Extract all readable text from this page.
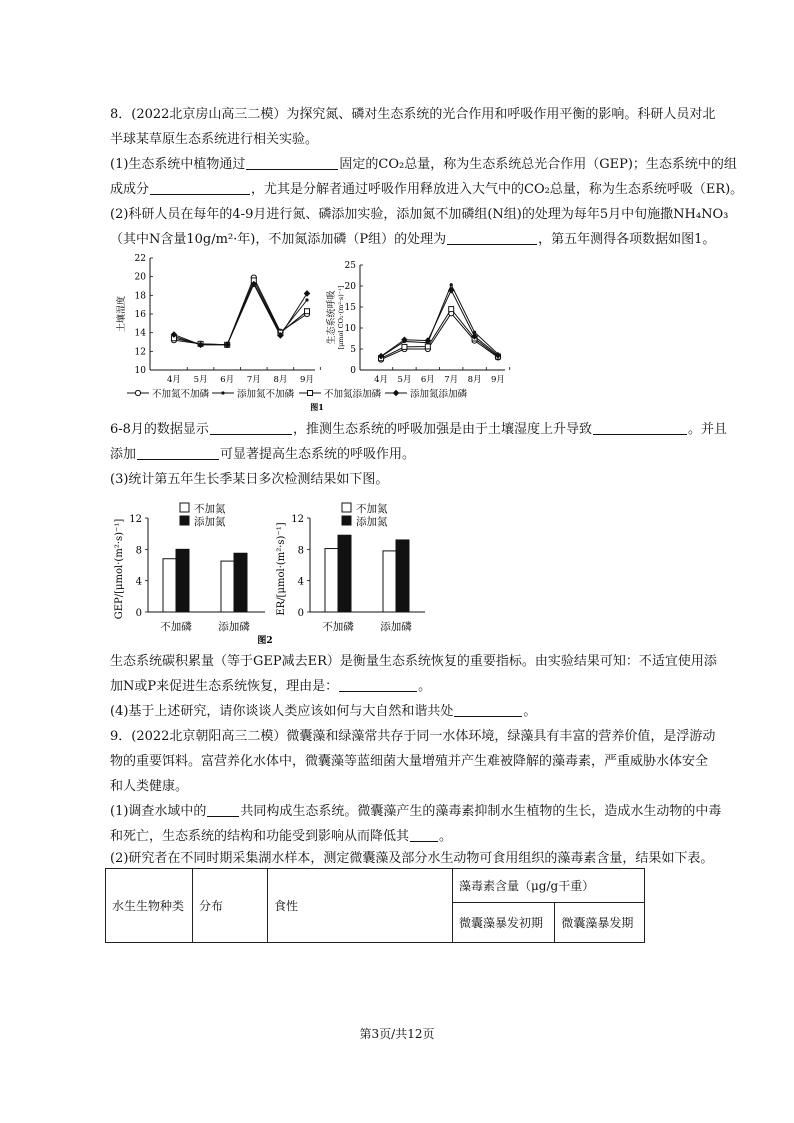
8．(2022北京房山高三二模）为探究氮、磷对生态系统的光合作用和呼吸作用平衡的影响。科研人员对北
半球某草原生态系统进行相关实验。
(1)生态系统中植物通过	固定的CO₂总量，称为生态系统总光合作用（GEP)；生态系统中的组
成成分	，尤其是分解者通过呼吸作用释放进入大气中的CO₂总量，称为生态系统呼吸（ER)。
(2)科研人员在每年的4-9月进行氮、磷添加实验，添加氮不加磷组(N组)的处理为每年5月中旬施撒NH₄NO₃
（其中N含量10g/m²·年)，不加氮添加磷（P组）的处理为	，第五年测得各项数据如图1。
10
12
14
16
18
20
22
4月 5月 6月 7月 8月 9月
土壤湿度
0
5
10
15
20
25
4月 5月 6月 7月 8月 9月
生态系统呼吸 [μmol CO₂·(m²·s)⁻¹]
不加氮不加磷	添加氮不加磷	不加氮添加磷	添加氮添加磷
图1
6-8月的数据显示	，推测生态系统的呼吸加强是由于土壤湿度上升导致	。并且
添加	可显著提高生态系统的呼吸作用。
(3)统计第五年生长季某日多次检测结果如下图。
0
4
8
12
GEP/[μmol·(m²·s)⁻¹]
不加磷	添加磷
不加氮
添加氮
0
4
8
12
ER/[μmol·(m²·s)⁻¹]
不加磷	添加磷
不加氮
添加氮
图2
生态系统碳积累量（等于GEP减去ER）是衡量生态系统恢复的重要指标。由实验结果可知：不适宜使用添
加N或P来促进生态系统恢复，理由是：	。
(4)基于上述研究，请你谈谈人类应该如何与大自然和谐共处	。
9．(2022北京朝阳高三二模）微囊藻和绿藻常共存于同一水体环境，绿藻具有丰富的营养价值，是浮游动
物的重要饵料。富营养化水体中，微囊藻等蓝细菌大量增殖并产生难被降解的藻毒素，严重威胁水体安全
和人类健康。
(1)调查水域中的	共同构成生态系统。微囊藻产生的藻毒素抑制水生植物的生长，造成水生动物的中毒
和死亡，生态系统的结构和功能受到影响从而降低其 。
(2)研究者在不同时期采集湖水样本，测定微囊藻及部分水生动物可食用组织的藻毒素含量，结果如下表。
水生生物种类	分布	食性	藻毒素含量（μg/g干重）	
			微囊藻暴发初期	微囊藻暴发期
第3页/共12页
